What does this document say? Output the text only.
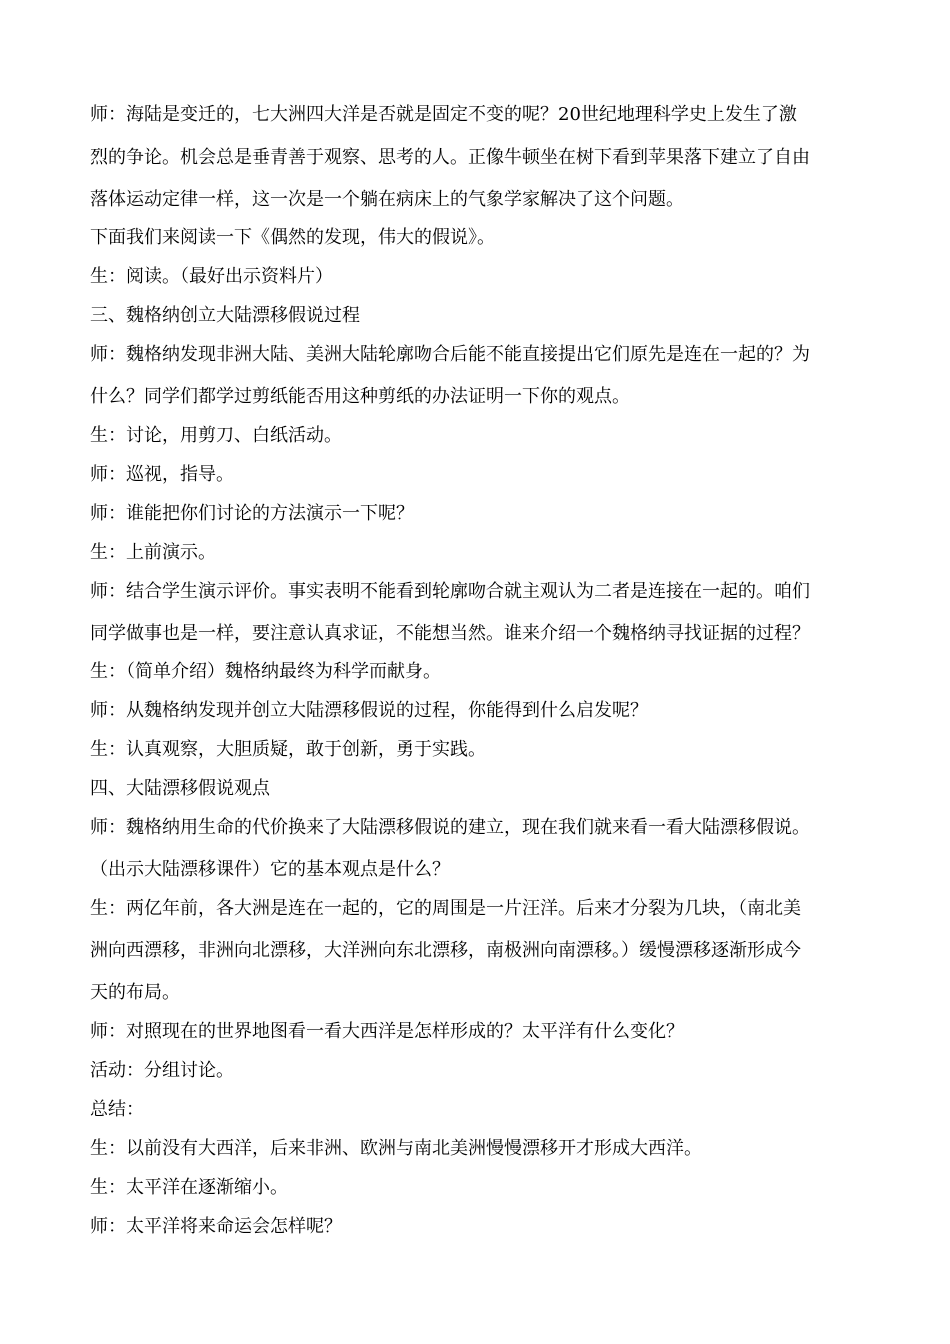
师：海陆是变迁的，七大洲四大洋是否就是固定不变的呢？20世纪地理科学史上发生了激
烈的争论。机会总是垂青善于观察、思考的人。正像牛顿坐在树下看到苹果落下建立了自由
落体运动定律一样，这一次是一个躺在病床上的气象学家解决了这个问题。
下面我们来阅读一下《偶然的发现，伟大的假说》。
生：阅读。（最好出示资料片）
三、魏格纳创立大陆漂移假说过程
师：魏格纳发现非洲大陆、美洲大陆轮廓吻合后能不能直接提出它们原先是连在一起的？为
什么？同学们都学过剪纸能否用这种剪纸的办法证明一下你的观点。
生：讨论，用剪刀、白纸活动。
师：巡视，指导。
师：谁能把你们讨论的方法演示一下呢？
生：上前演示。
师：结合学生演示评价。事实表明不能看到轮廓吻合就主观认为二者是连接在一起的。咱们
同学做事也是一样，要注意认真求证，不能想当然。谁来介绍一个魏格纳寻找证据的过程？
生：（简单介绍）魏格纳最终为科学而献身。
师：从魏格纳发现并创立大陆漂移假说的过程，你能得到什么启发呢？
生：认真观察，大胆质疑，敢于创新，勇于实践。
四、大陆漂移假说观点
师：魏格纳用生命的代价换来了大陆漂移假说的建立，现在我们就来看一看大陆漂移假说。
（出示大陆漂移课件）它的基本观点是什么？
生：两亿年前，各大洲是连在一起的，它的周围是一片汪洋。后来才分裂为几块，（南北美
洲向西漂移，非洲向北漂移，大洋洲向东北漂移，南极洲向南漂移。）缓慢漂移逐渐形成今
天的布局。
师：对照现在的世界地图看一看大西洋是怎样形成的？太平洋有什么变化？
活动：分组讨论。
总结：
生：以前没有大西洋，后来非洲、欧洲与南北美洲慢慢漂移开才形成大西洋。
生：太平洋在逐渐缩小。
师：太平洋将来命运会怎样呢？
